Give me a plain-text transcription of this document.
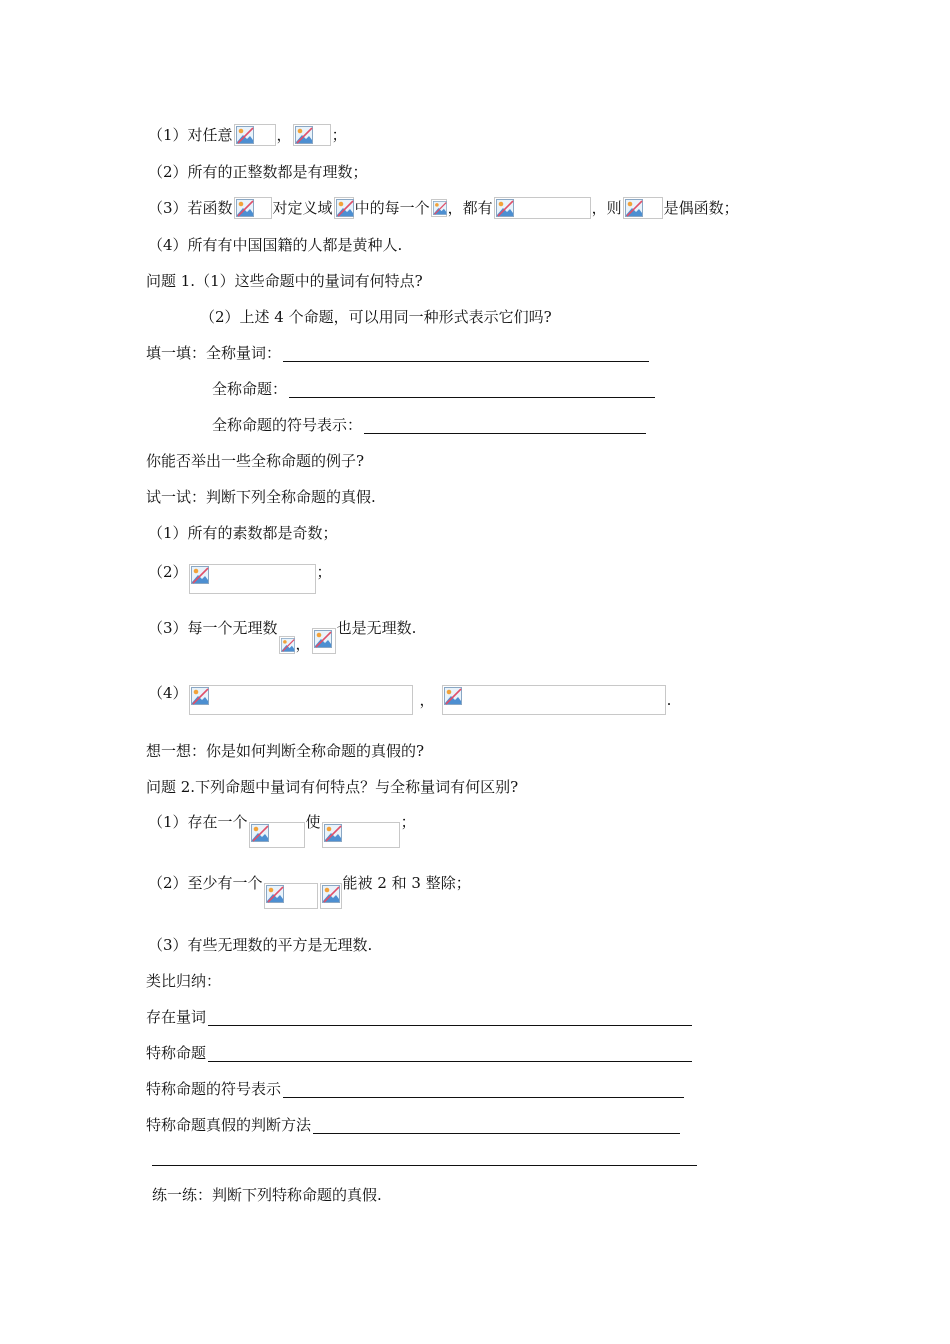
（1）对任意	，	；
（2）所有的正整数都是有理数；
（3）若函数	对定义域 中的每一个 ，都有	，则	是偶函数；
（4）所有有中国国籍的人都是黄种人.
问题 1.（1）这些命题中的量词有何特点?
（2）上述 4 个命题，可以用同一种形式表示它们吗?
填一填：全称量词：
全称命题：
全称命题的符号表示：
你能否举出一些全称命题的例子?
试一试：判断下列全称命题的真假.
（1）所有的素数都是奇数；
（2）	；
（3）每一个无理数
，
也是无理数.
（4）	，	.
想一想：你是如何判断全称命题的真假的?
问题 2.下列命题中量词有何特点？与全称量词有何区别?
（1）存在一个	使	；
（2）至少有一个	能被 2 和 3 整除；
（3）有些无理数的平方是无理数.
类比归纳：
存在量词
特称命题
特称命题的符号表示
特称命题真假的判断方法
练一练：判断下列特称命题的真假.
